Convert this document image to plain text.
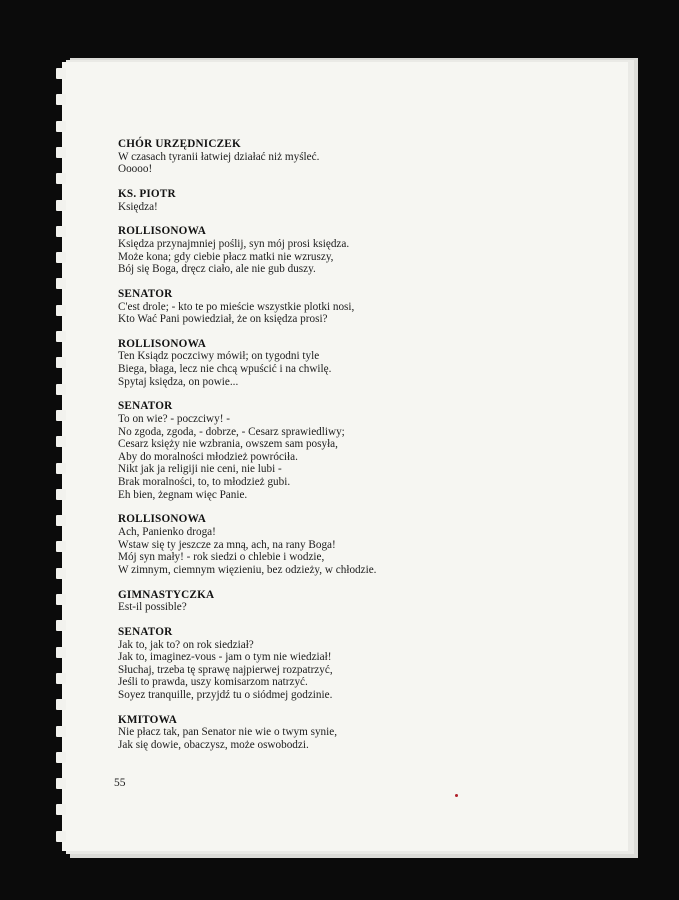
CHÓR URZĘDNICZEK
W czasach tyranii łatwiej działać niż myśleć.
Ooooo!
KS. PIOTR
Księdza!
ROLLISONOWA
Księdza przynajmniej poślij, syn mój prosi księdza.
Może kona; gdy ciebie płacz matki nie wzruszy,
Bój się Boga, dręcz ciało, ale nie gub duszy.
SENATOR
C'est drole; - kto te po mieście wszystkie plotki nosi,
Kto Wać Pani powiedział, że on księdza prosi?
ROLLISONOWA
Ten Ksiądz poczciwy mówił; on tygodni tyle
Biega, błaga, lecz nie chcą wpuścić i na chwilę.
Spytaj księdza, on powie...
SENATOR
To on wie? - poczciwy! -
No zgoda, zgoda, - dobrze, - Cesarz sprawiedliwy;
Cesarz księży nie wzbrania, owszem sam posyła,
Aby do moralności młodzież powróciła.
Nikt jak ja religiji nie ceni, nie lubi -
Brak moralności, to, to młodzież gubi.
Eh bien, żegnam więc Panie.
ROLLISONOWA
Ach, Panienko droga!
Wstaw się ty jeszcze za mną, ach, na rany Boga!
Mój syn mały! - rok siedzi o chlebie i wodzie,
W zimnym, ciemnym więzieniu, bez odzieży, w chłodzie.
GIMNASTYCZKA
Est-il possible?
SENATOR
Jak to, jak to? on rok siedział?
Jak to, imaginez-vous - jam o tym nie wiedział!
Słuchaj, trzeba tę sprawę najpierwej rozpatrzyć,
Jeśli to prawda, uszy komisarzom natrzyć.
Soyez tranquille, przyjdź tu o siódmej godzinie.
KMITOWA
Nie płacz tak, pan Senator nie wie o twym synie,
Jak się dowie, obaczysz, może oswobodzi.
55
